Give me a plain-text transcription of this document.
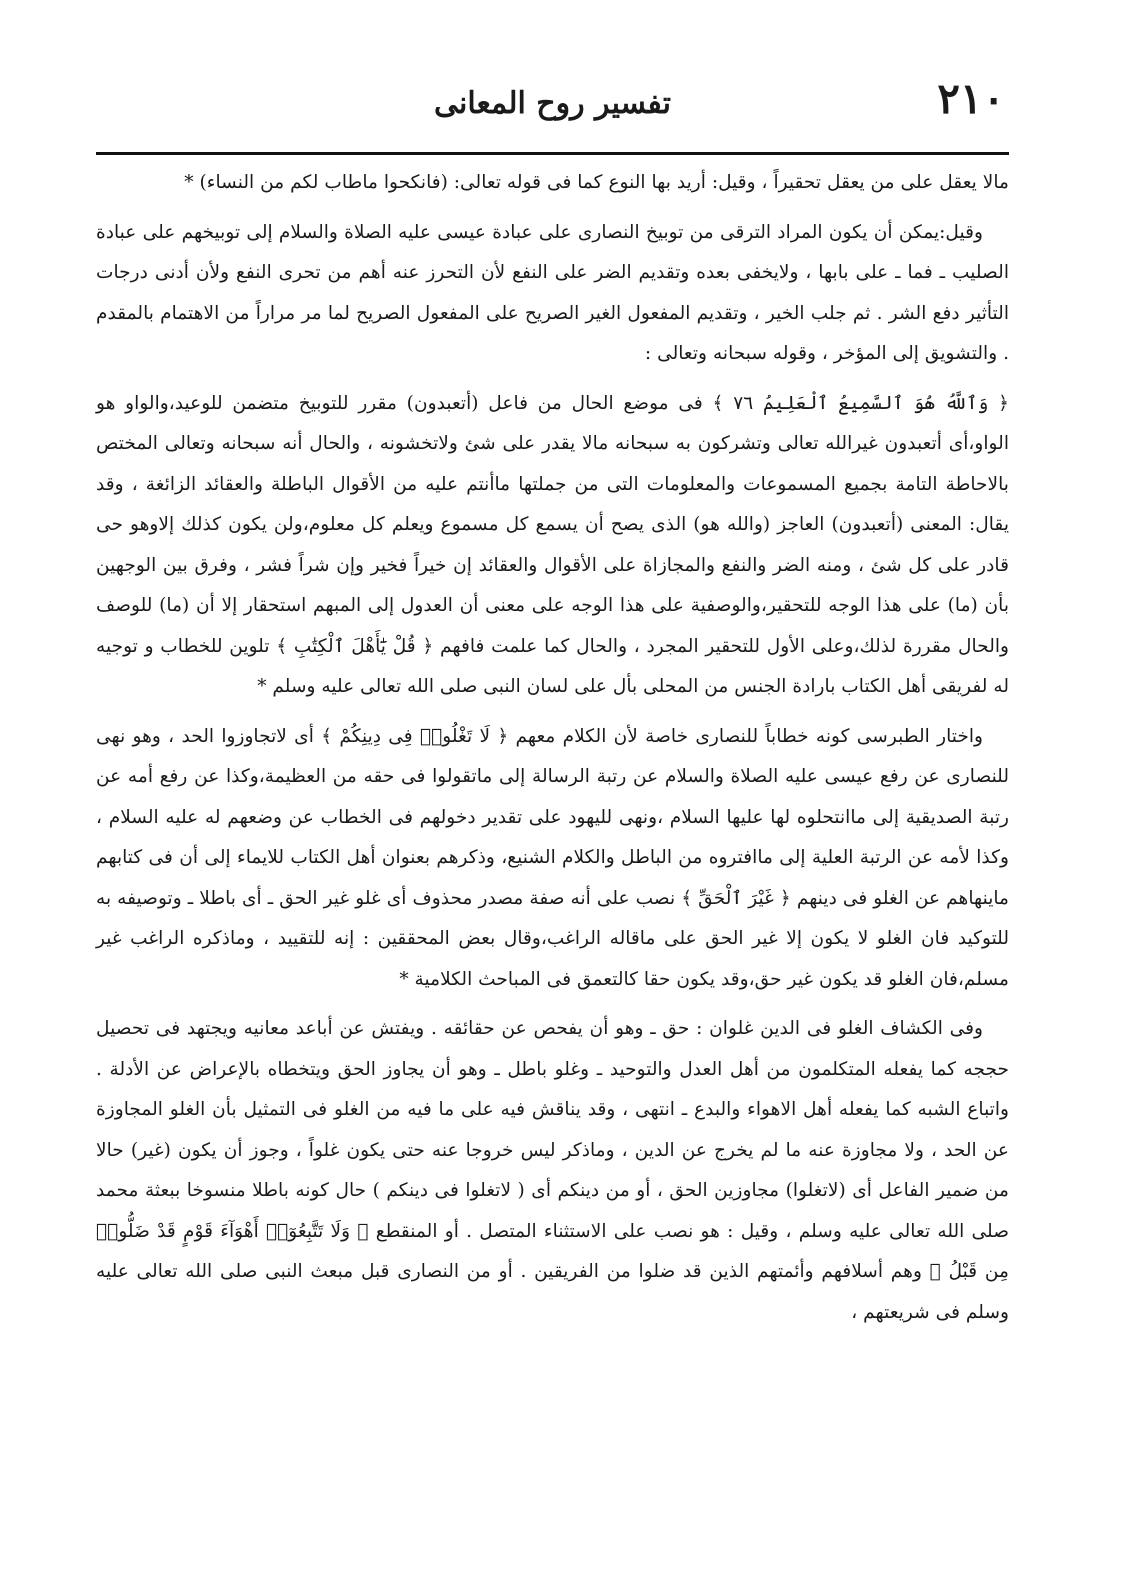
٢١٠
تفسير روح المعانى

مالا يعقل على من يعقل تحقيراً ، وقيل: أريد بها النوع كما فى قوله تعالى: (فانكحوا ماطاب لكم من النساء) *

وقيل:يمكن أن يكون المراد الترقى من توبيخ النصارى على عبادة عيسى عليه الصلاة والسلام إلى توبيخهم على عبادة الصليب ـ فما ـ على بابها ، ولايخفى بعده وتقديم الضر على النفع لأن التحرز عنه أهم من تحرى النفع ولأن أدنى درجات التأثير دفع الشر . ثم جلب الخير ، وتقديم المفعول الغير الصريح على المفعول الصريح لما مر مراراً من الاهتمام بالمقدم . والتشويق إلى المؤخر ، وقوله سبحانه وتعالى :

﴿ وَٱللَّهُ هُوَ ٱلسَّمِيعُ ٱلْعَلِيمُ ٧٦ ﴾ فى موضع الحال من فاعل (أتعبدون) مقرر للتوبيخ متضمن للوعيد،والواو هو الواو،أى أتعبدون غيرالله تعالى وتشركون به سبحانه مالا يقدر على شئ ولاتخشونه ، والحال أنه سبحانه وتعالى المختص بالاحاطة التامة بجميع المسموعات والمعلومات التى من جملتها ماأنتم عليه من الأقوال الباطلة والعقائد الزائغة ، وقد يقال: المعنى (أتعبدون) العاجز (والله هو) الذى يصح أن يسمع كل مسموع ويعلم كل معلوم،ولن يكون كذلك إلاوهو حى قادر على كل شئ ، ومنه الضر والنفع والمجازاة على الأقوال والعقائد إن خيراً فخير وإن شراً فشر ، وفرق بين الوجهين بأن (ما) على هذا الوجه للتحقير،والوصفية على هذا الوجه على معنى أن العدول إلى المبهم استحقار إلا أن (ما) للوصف والحال مقررة لذلك،وعلى الأول للتحقير المجرد ، والحال كما علمت فافهم ﴿ قُلْ يَٰٓأَهْلَ ٱلْكِتَٰبِ ﴾ تلوين للخطاب و توجيه له لفريقى أهل الكتاب بارادة الجنس من المحلى بأل على لسان النبى صلى الله تعالى عليه وسلم *

واختار الطبرسى كونه خطاباً للنصارى خاصة لأن الكلام معهم ﴿ لَا تَغْلُوا۟ فِى دِينِكُمْ ﴾ أى لاتجاوزوا الحد ، وهو نهى للنصارى عن رفع عيسى عليه الصلاة والسلام عن رتبة الرسالة إلى ماتقولوا فى حقه من العظيمة،وكذا عن رفع أمه عن رتبة الصديقية إلى ماانتحلوه لها عليها السلام ،ونهى لليهود على تقدير دخولهم فى الخطاب عن وضعهم له عليه السلام ، وكذا لأمه عن الرتبة العلية إلى ماافتروه من الباطل والكلام الشنيع، وذكرهم بعنوان أهل الكتاب للايماء إلى أن فى كتابهم ماينهاهم عن الغلو فى دينهم ﴿ غَيْرَ ٱلْحَقِّ ﴾ نصب على أنه صفة مصدر محذوف أى غلو غير الحق ـ أى باطلا ـ وتوصيفه به للتوكيد فان الغلو لا يكون إلا غير الحق على ماقاله الراغب،وقال بعض المحققين : إنه للتقييد ، وماذكره الراغب غير مسلم،فان الغلو قد يكون غير حق،وقد يكون حقا كالتعمق فى المباحث الكلامية *

وفى الكشاف الغلو فى الدين غلوان : حق ـ وهو أن يفحص عن حقائقه . ويفتش عن أباعد معانيه ويجتهد فى تحصيل حججه كما يفعله المتكلمون من أهل العدل والتوحيد ـ وغلو باطل ـ وهو أن يجاوز الحق ويتخطاه بالإعراض عن الأدلة . واتباع الشبه كما يفعله أهل الاهواء والبدع ـ انتهى ، وقد يناقش فيه على ما فيه من الغلو فى التمثيل بأن الغلو المجاوزة عن الحد ، ولا مجاوزة عنه ما لم يخرج عن الدين ، وماذكر ليس خروجا عنه حتى يكون غلواً ، وجوز أن يكون (غير) حالا من ضمير الفاعل أى (لاتغلوا) مجاوزين الحق ، أو من دينكم أى ( لاتغلوا فى دينكم ) حال كونه باطلا منسوخا ببعثة محمد صلى الله تعالى عليه وسلم ، وقيل : هو نصب على الاستثناء المتصل . أو المنقطع ﴿ وَلَا تَتَّبِعُوٓا۟ أَهْوَآءَ قَوْمٍ قَدْ ضَلُّوا۟ مِن قَبْلُ ﴾ وهم أسلافهم وأئمتهم الذين قد ضلوا من الفريقين . أو من النصارى قبل مبعث النبى صلى الله تعالى عليه وسلم فى شريعتهم ،
